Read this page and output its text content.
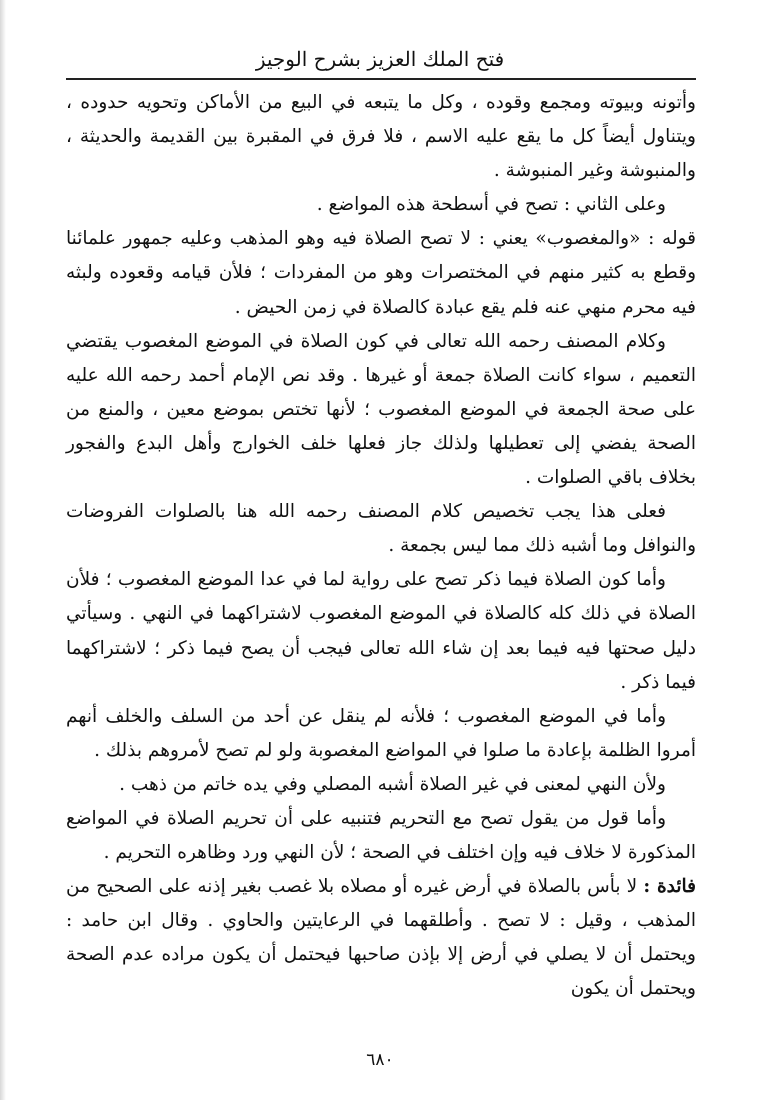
فتح الملك العزيز بشرح الوجيز

وأتونه وبيوته ومجمع وقوده ، وكل ما يتبعه في البيع من الأماكن وتحويه حدوده ، ويتناول أيضاً كل ما يقع عليه الاسم ، فلا فرق في المقبرة بين القديمة والحديثة ، والمنبوشة وغير المنبوشة .

وعلى الثاني : تصح في أسطحة هذه المواضع .

قوله : «والمغصوب» يعني : لا تصح الصلاة فيه وهو المذهب وعليه جمهور علمائنا وقطع به كثير منهم في المختصرات وهو من المفردات ؛ فلأن قيامه وقعوده ولبثه فيه محرم منهي عنه فلم يقع عبادة كالصلاة في زمن الحيض .

وكلام المصنف رحمه الله تعالى في كون الصلاة في الموضع المغصوب يقتضي التعميم ، سواء كانت الصلاة جمعة أو غيرها . وقد نص الإمام أحمد رحمه الله عليه على صحة الجمعة في الموضع المغصوب ؛ لأنها تختص بموضع معين ، والمنع من الصحة يفضي إلى تعطيلها ولذلك جاز فعلها خلف الخوارج وأهل البدع والفجور بخلاف باقي الصلوات .

فعلى هذا يجب تخصيص كلام المصنف رحمه الله هنا بالصلوات الفروضات والنوافل وما أشبه ذلك مما ليس بجمعة .

وأما كون الصلاة فيما ذكر تصح على رواية لما في عدا الموضع المغصوب ؛ فلأن الصلاة في ذلك كله كالصلاة في الموضع المغصوب لاشتراكهما في النهي . وسيأتي دليل صحتها فيه فيما بعد إن شاء الله تعالى فيجب أن يصح فيما ذكر ؛ لاشتراكهما فيما ذكر .

وأما في الموضع المغصوب ؛ فلأنه لم ينقل عن أحد من السلف والخلف أنهم أمروا الظلمة بإعادة ما صلوا في المواضع المغصوبة ولو لم تصح لأمروهم بذلك .

ولأن النهي لمعنى في غير الصلاة أشبه المصلي وفي يده خاتم من ذهب .

وأما قول من يقول تصح مع التحريم فتنبيه على أن تحريم الصلاة في المواضع المذكورة لا خلاف فيه وإن اختلف في الصحة ؛ لأن النهي ورد وظاهره التحريم .

فائدة : لا بأس بالصلاة في أرض غيره أو مصلاه بلا غصب بغير إذنه على الصحيح من المذهب ، وقيل : لا تصح . وأطلقهما في الرعايتين والحاوي . وقال ابن حامد : ويحتمل أن لا يصلي في أرض إلا بإذن صاحبها فيحتمل أن يكون مراده عدم الصحة ويحتمل أن يكون

٦٨٠
